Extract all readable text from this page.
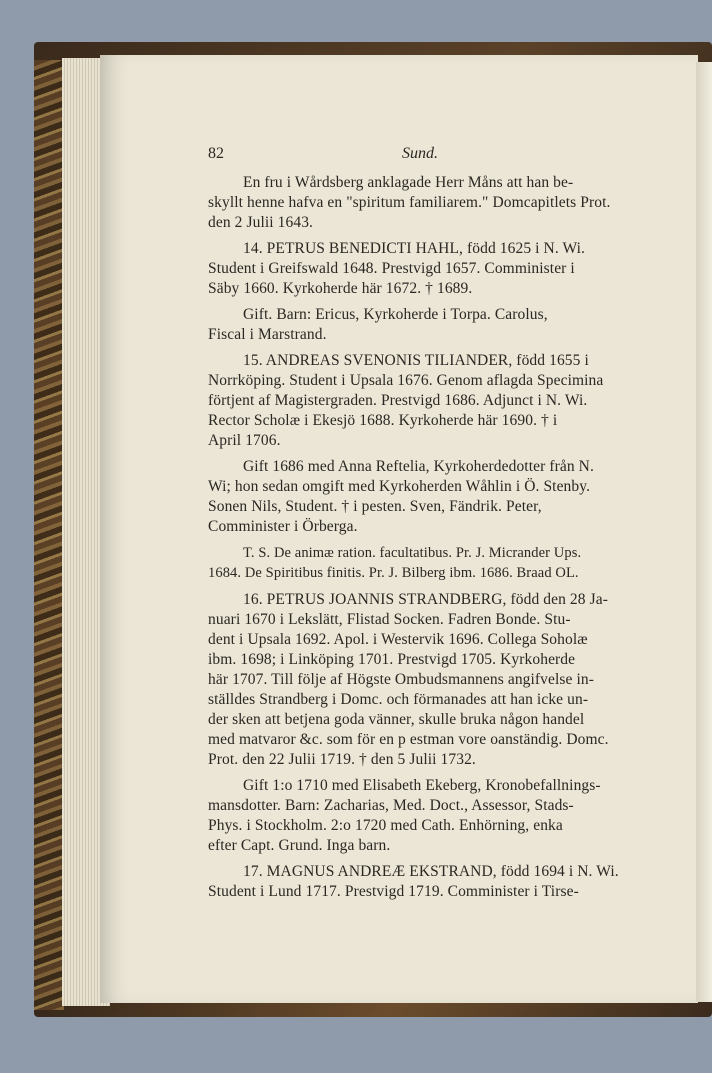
82	Sund.
En fru i Wårdsberg anklagade Herr Måns att han be-
skyllt henne hafva en "spiritum familiarem." Domcapitlets Prot.
den 2 Julii 1643.
14. PETRUS BENEDICTI HAHL, född 1625 i N. Wi.
Student i Greifswald 1648. Prestvigd 1657. Comminister i
Säby 1660. Kyrkoherde här 1672. † 1689.
Gift. Barn: Ericus, Kyrkoherde i Torpa. Carolus,
Fiscal i Marstrand.
15. ANDREAS SVENONIS TILIANDER, född 1655 i
Norrköping. Student i Upsala 1676. Genom aflagda Specimina
förtjent af Magistergraden. Prestvigd 1686. Adjunct i N. Wi.
Rector Scholæ i Ekesjö 1688. Kyrkoherde här 1690. † i
April 1706.
Gift 1686 med Anna Reftelia, Kyrkoherdedotter från N.
Wi; hon sedan omgift med Kyrkoherden Wåhlin i Ö. Stenby.
Sonen Nils, Student. † i pesten. Sven, Fändrik. Peter,
Comminister i Örberga.
T. S. De animæ ration. facultatibus. Pr. J. Micrander Ups.
1684. De Spiritibus finitis. Pr. J. Bilberg ibm. 1686. Braad OL.
16. PETRUS JOANNIS STRANDBERG, född den 28 Ja-
nuari 1670 i Lekslätt, Flistad Socken. Fadren Bonde. Stu-
dent i Upsala 1692. Apol. i Westervik 1696. Collega Soholæ
ibm. 1698; i Linköping 1701. Prestvigd 1705. Kyrkoherde
här 1707. Till följe af Högste Ombudsmannens angifvelse in-
ställdes Strandberg i Domc. och förmanades att han icke un-
der sken att betjena goda vänner, skulle bruka någon handel
med matvaror &c. som för en p estman vore oanständig. Domc.
Prot. den 22 Julii 1719. † den 5 Julii 1732.
Gift 1:o 1710 med Elisabeth Ekeberg, Kronobefallnings-
mansdotter. Barn: Zacharias, Med. Doct., Assessor, Stads-
Phys. i Stockholm. 2:o 1720 med Cath. Enhörning, enka
efter Capt. Grund. Inga barn.
17. MAGNUS ANDREÆ EKSTRAND, född 1694 i N. Wi.
Student i Lund 1717. Prestvigd 1719. Comminister i Tirse-
